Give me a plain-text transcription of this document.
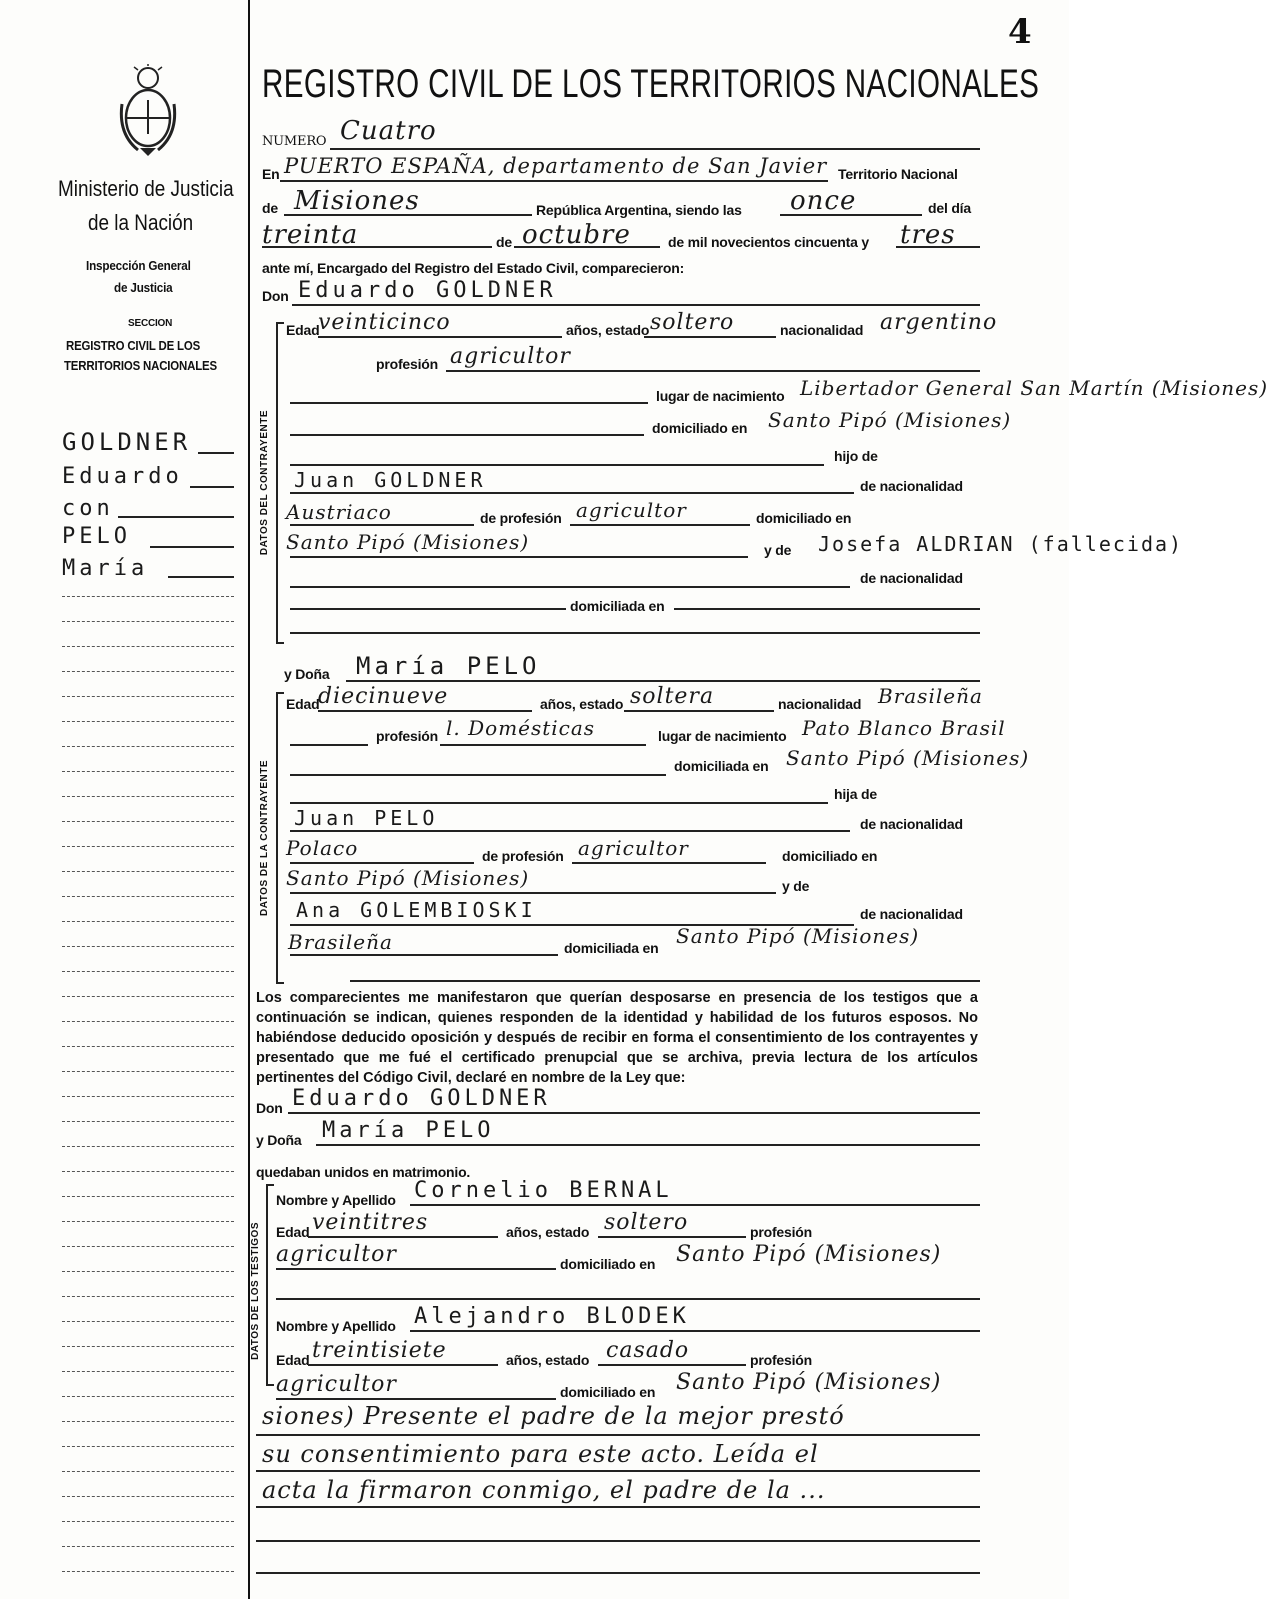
4
Ministerio de Justicia
de la Nación
Inspección General
de Justicia
SECCION
REGISTRO CIVIL DE LOS
TERRITORIOS NACIONALES
GOLDNER
Eduardo
con
PELO
María
REGISTRO CIVIL DE LOS TERRITORIOS NACIONALES
NUMERO Cuatro
En PUERTO ESPAÑA, departamento de San Javier Territorio Nacional
de Misiones	República Argentina, siendo las once	del día
treinta	de octubre	de mil novecientos cincuenta y tres
ante mí, Encargado del Registro del Estado Civil, comparecieron:
Don Eduardo GOLDNER
DATOS DEL CONTRAYENTE
Edad
veinticinco	años, estado soltero	nacionalidad argentino
profesión agricultor
lugar de nacimiento Libertador General San Martín (Misiones)
domiciliado en Santo Pipó (Misiones)
hijo de
Juan GOLDNER	de nacionalidad
Austriaco	de profesión agricultor	domiciliado en
Santo Pipó (Misiones)	y de Josefa ALDRIAN (fallecida)
de nacionalidad
domiciliada en
y Doña María PELO
DATOS DE LA CONTRAYENTE
Edad
diecinueve	años, estado soltera	nacionalidad Brasileña
profesión l. Domésticas	lugar de nacimiento Pato Blanco Brasil
domiciliada en Santo Pipó (Misiones)
hija de
Juan PELO	de nacionalidad
Polaco	de profesión agricultor	domiciliado en
Santo Pipó (Misiones)	y de
Ana GOLEMBIOSKI	de nacionalidad
Brasileña	domiciliada en Santo Pipó (Misiones)
Los comparecientes me manifestaron que querían desposarse en presencia de los testigos que a continuación se indican, quienes responden de la identidad y habilidad de los futuros esposos. No habiéndose deducido oposición y después de recibir en forma el consentimiento de los contrayentes y presentado que me fué el certificado prenupcial que se archiva, previa lectura de los artículos pertinentes del Código Civil, declaré en nombre de la Ley que:
Don Eduardo GOLDNER
y Doña María PELO
quedaban unidos en matrimonio.
DATOS DE LOS TESTIGOS
Nombre y Apellido Cornelio BERNAL
Edad veintitres	años, estado soltero	profesión
agricultor	domiciliado en Santo Pipó (Misiones)
Nombre y Apellido Alejandro BLODEK
Edad treintisiete	años, estado casado	profesión
agricultor	domiciliado en Santo Pipó (Misiones)
siones) Presente el padre de la mejor prestó
su consentimiento para este acto. Leída el
acta la firmaron conmigo, el padre de la ...
